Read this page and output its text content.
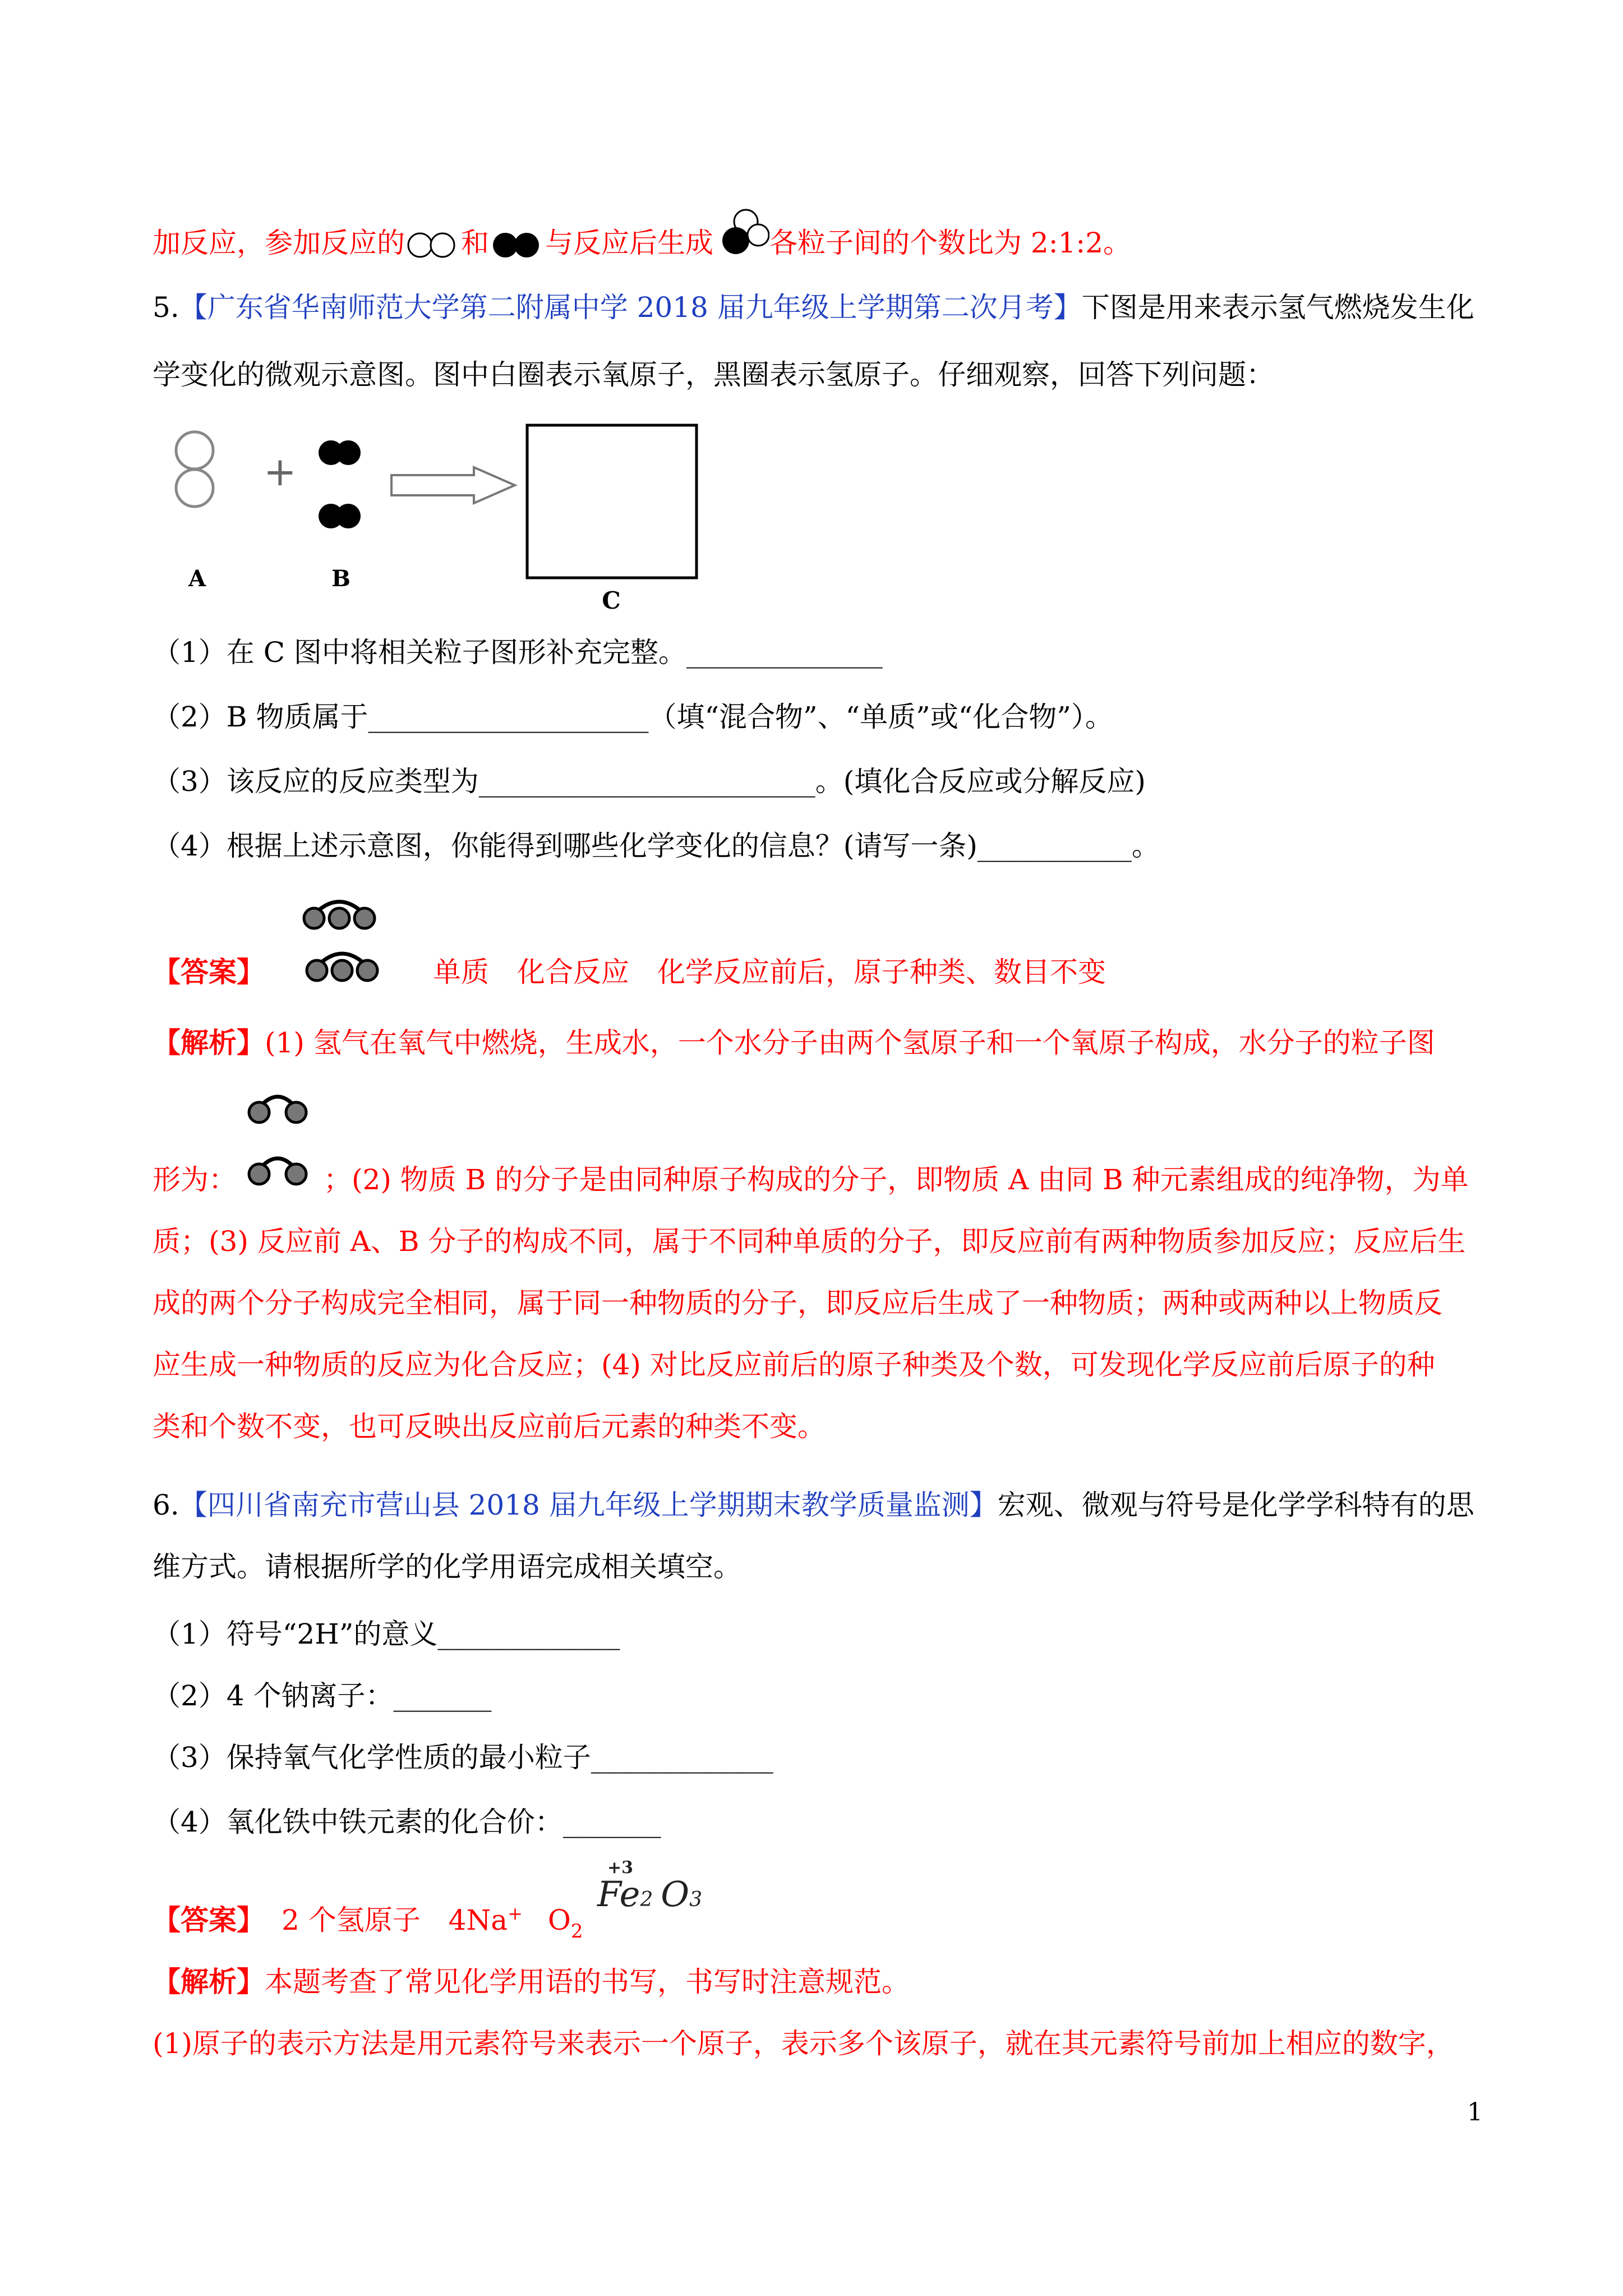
加反应，参加反应的 和 与反应后生成 各粒子间的个数比为 2:1:2。
5.【广东省华南师范大学第二附属中学 2018 届九年级上学期第二次月考】下图是用来表示氢气燃烧发生化
学变化的微观示意图。图中白圈表示氧原子，黑圈表示氢原子。仔细观察，回答下列问题：
A
+
B
C
（1）在 C 图中将相关粒子图形补充完整。______________
（2）B 物质属于____________________（填“混合物”、“单质”或“化合物”）。
（3）该反应的反应类型为________________________。(填化合反应或分解反应)
（4）根据上述示意图，你能得到哪些化学变化的信息？(请写一条)___________。
【答案】	单质　化合反应　化学反应前后，原子种类、数目不变
【解析】(1) 氢气在氧气中燃烧，生成水，一个水分子由两个氢原子和一个氧原子构成，水分子的粒子图
形为：	；(2) 物质 B 的分子是由同种原子构成的分子，即物质 A 由同 B 种元素组成的纯净物，为单
质；(3) 反应前 A、B 分子的构成不同，属于不同种单质的分子，即反应前有两种物质参加反应；反应后生
成的两个分子构成完全相同，属于同一种物质的分子，即反应后生成了一种物质；两种或两种以上物质反
应生成一种物质的反应为化合反应；(4) 对比反应前后的原子种类及个数，可发现化学反应前后原子的种
类和个数不变，也可反映出反应前后元素的种类不变。
6.【四川省南充市营山县 2018 届九年级上学期期末教学质量监测】宏观、微观与符号是化学学科特有的思
维方式。请根据所学的化学用语完成相关填空。
（1）符号“2H”的意义_____________
（2）4 个钠离子：_______
（3）保持氧气化学性质的最小粒子_____________
（4）氧化铁中铁元素的化合价：_______
【答案】 2 个氢原子 4Na+ $O_2$
+3
Fe2 O3
【解析】本题考查了常见化学用语的书写，书写时注意规范。
(1)原子的表示方法是用元素符号来表示一个原子，表示多个该原子，就在其元素符号前加上相应的数字，
1
